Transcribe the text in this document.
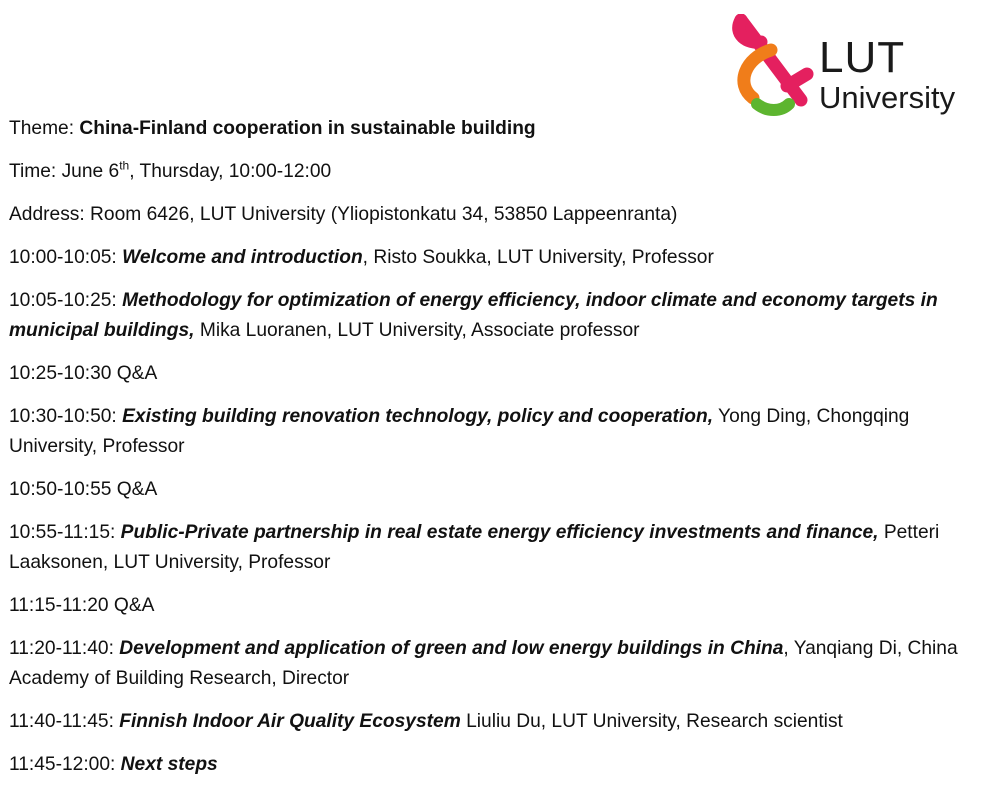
LUT
University

Theme: China-Finland cooperation in sustainable building

Time: June 6th, Thursday, 10:00-12:00

Address: Room 6426, LUT University (Yliopistonkatu 34, 53850 Lappeenranta)

10:00-10:05: Welcome and introduction, Risto Soukka, LUT University, Professor

10:05-10:25: Methodology for optimization of energy efficiency, indoor climate and economy targets in municipal buildings, Mika Luoranen, LUT University, Associate professor

10:25-10:30 Q&A

10:30-10:50: Existing building renovation technology, policy and cooperation, Yong Ding, Chongqing University, Professor

10:50-10:55 Q&A

10:55-11:15: Public-Private partnership in real estate energy efficiency investments and finance, Petteri Laaksonen, LUT University, Professor

11:15-11:20 Q&A

11:20-11:40: Development and application of green and low energy buildings in China, Yanqiang Di, China Academy of Building Research, Director

11:40-11:45: Finnish Indoor Air Quality Ecosystem Liuliu Du, LUT University, Research scientist

11:45-12:00: Next steps
